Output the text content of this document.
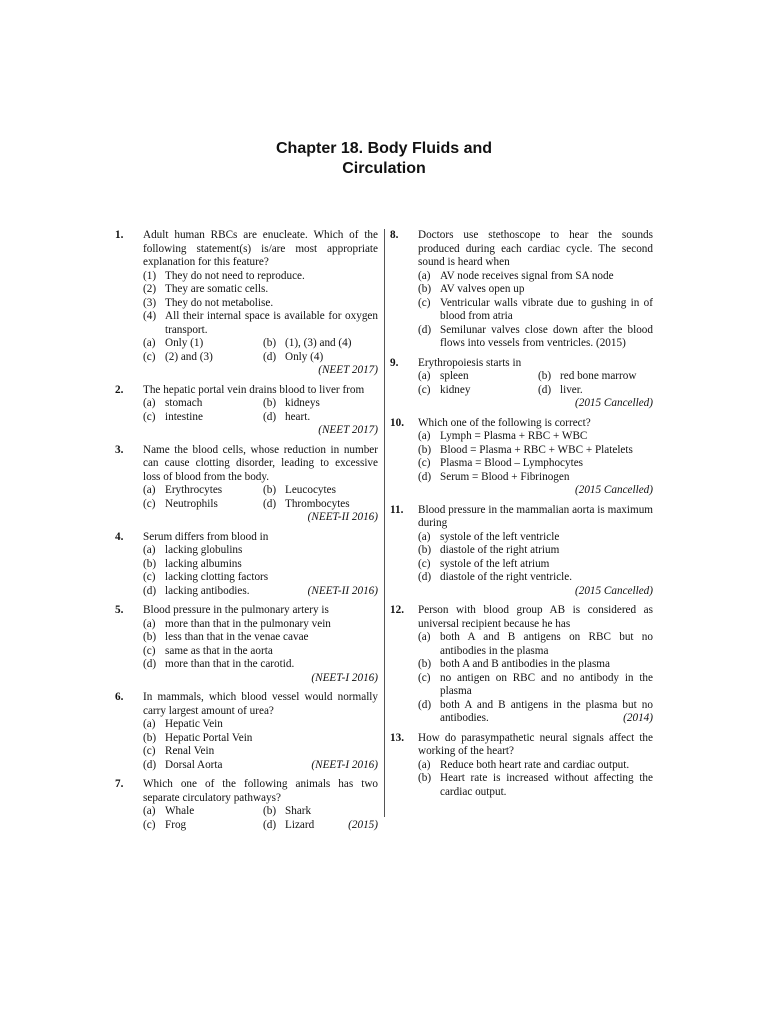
Chapter 18. Body Fluids and
Circulation
1.	Adult human RBCs are enucleate. Which of the following statement(s) is/are most appropriate explanation for this feature?
(1) They do not need to reproduce.
(2) They are somatic cells.
(3) They do not metabolise.
(4) All their internal space is available for oxygen transport.
(a) Only (1)	(b) (1), (3) and (4)
(c) (2) and (3)	(d) Only (4)
(NEET 2017)
2.	The hepatic portal vein drains blood to liver from
(a) stomach	(b) kidneys
(c) intestine	(d) heart.
(NEET 2017)
3.	Name the blood cells, whose reduction in number can cause clotting disorder, leading to excessive loss of blood from the body.
(a) Erythrocytes	(b) Leucocytes
(c) Neutrophils	(d) Thrombocytes
(NEET-II 2016)
4.	Serum differs from blood in
(a) lacking globulins
(b) lacking albumins
(c) lacking clotting factors
(d) lacking antibodies.	(NEET-II 2016)
5.	Blood pressure in the pulmonary artery is
(a) more than that in the pulmonary vein
(b) less than that in the venae cavae
(c) same as that in the aorta
(d) more than that in the carotid.
(NEET-I 2016)
6.	In mammals, which blood vessel would normally carry largest amount of urea?
(a) Hepatic Vein
(b) Hepatic Portal Vein
(c) Renal Vein
(d) Dorsal Aorta	(NEET-I 2016)
7.	Which one of the following animals has two separate circulatory pathways?
(a) Whale	(b) Shark
(c) Frog	(d) Lizard	(2015)
8.	Doctors use stethoscope to hear the sounds produced during each cardiac cycle. The second sound is heard when
(a) AV node receives signal from SA node
(b) AV valves open up
(c) Ventricular walls vibrate due to gushing in of blood from atria
(d) Semilunar valves close down after the blood flows into vessels from ventricles. (2015)
9.	Erythropoiesis starts in
(a) spleen	(b) red bone marrow
(c) kidney	(d) liver.
(2015 Cancelled)
10.	Which one of the following is correct?
(a) Lymph = Plasma + RBC + WBC
(b) Blood = Plasma + RBC + WBC + Platelets
(c) Plasma = Blood – Lymphocytes
(d) Serum = Blood + Fibrinogen
(2015 Cancelled)
11.	Blood pressure in the mammalian aorta is maximum during
(a) systole of the left ventricle
(b) diastole of the right atrium
(c) systole of the left atrium
(d) diastole of the right ventricle.
(2015 Cancelled)
12.	Person with blood group AB is considered as universal recipient because he has
(a) both A and B antigens on RBC but no antibodies in the plasma
(b) both A and B antibodies in the plasma
(c) no antigen on RBC and no antibody in the plasma
(d) both A and B antigens in the plasma but no antibodies.	(2014)
13.	How do parasympathetic neural signals affect the working of the heart?
(a) Reduce both heart rate and cardiac output.
(b) Heart rate is increased without affecting the cardiac output.
